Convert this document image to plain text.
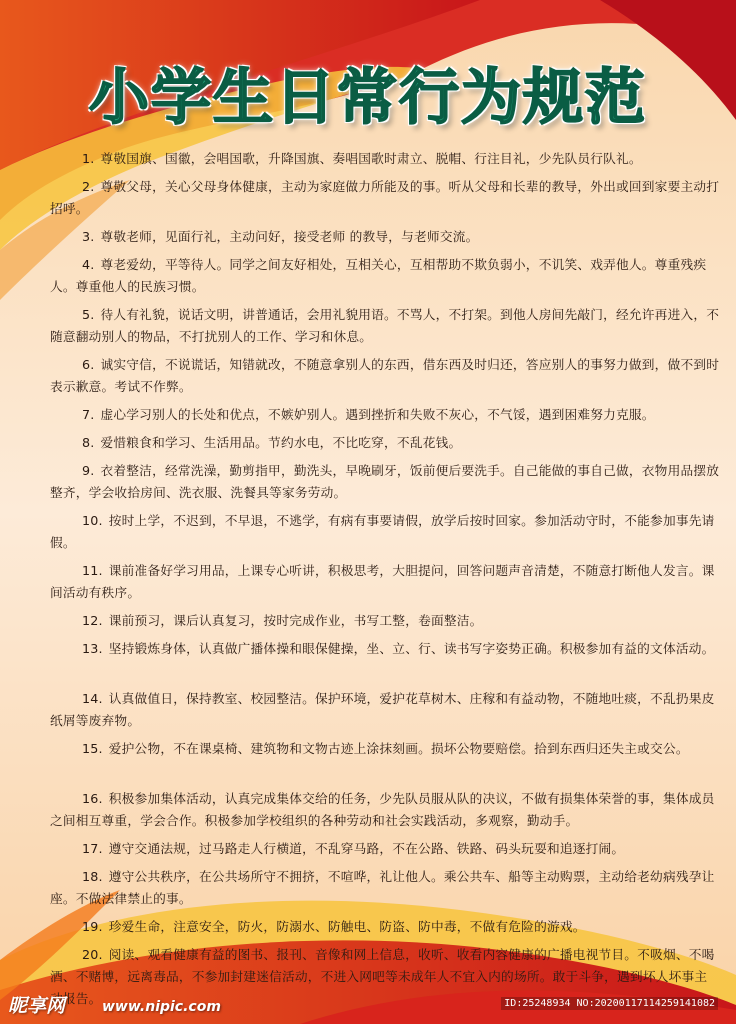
小学生日常行为规范
1. 尊敬国旗、国徽，会唱国歌，升降国旗、奏唱国歌时肃立、脱帽、行注目礼，少先队员行队礼。
2. 尊敬父母，关心父母身体健康，主动为家庭做力所能及的事。听从父母和长辈的教导，外出或回到家要主动打招呼。
3. 尊敬老师，见面行礼，主动问好，接受老师 的教导，与老师交流。
4. 尊老爱幼，平等待人。同学之间友好相处，互相关心，互相帮助不欺负弱小，不讥笑、戏弄他人。尊重残疾人。尊重他人的民族习惯。
5. 待人有礼貌，说话文明，讲普通话，会用礼貌用语。不骂人，不打架。到他人房间先敲门，经允许再进入，不随意翻动别人的物品，不打扰别人的工作、学习和休息。
6. 诚实守信，不说谎话，知错就改，不随意拿别人的东西，借东西及时归还，答应别人的事努力做到，做不到时表示歉意。考试不作弊。
7. 虚心学习别人的长处和优点，不嫉妒别人。遇到挫折和失败不灰心，不气馁，遇到困难努力克服。
8. 爱惜粮食和学习、生活用品。节约水电，不比吃穿，不乱花钱。
9. 衣着整洁，经常洗澡，勤剪指甲，勤洗头，早晚刷牙，饭前便后要洗手。自己能做的事自己做，衣物用品摆放整齐，学会收拾房间、洗衣服、洗餐具等家务劳动。
10. 按时上学，不迟到，不早退，不逃学，有病有事要请假，放学后按时回家。参加活动守时，不能参加事先请假。
11. 课前准备好学习用品，上课专心听讲，积极思考，大胆提问，回答问题声音清楚，不随意打断他人发言。课间活动有秩序。
12. 课前预习，课后认真复习，按时完成作业，书写工整，卷面整洁。
13. 坚持锻炼身体，认真做广播体操和眼保健操，坐、立、行、读书写字姿势正确。积极参加有益的文体活动。
14. 认真做值日，保持教室、校园整洁。保护环境，爱护花草树木、庄稼和有益动物，不随地吐痰，不乱扔果皮纸屑等废弃物。
15. 爱护公物，不在课桌椅、建筑物和文物古迹上涂抹刻画。损坏公物要赔偿。拾到东西归还失主或交公。
16. 积极参加集体活动，认真完成集体交给的任务，少先队员服从队的决议，不做有损集体荣誉的事，集体成员之间相互尊重，学会合作。积极参加学校组织的各种劳动和社会实践活动，多观察，勤动手。
17. 遵守交通法规，过马路走人行横道，不乱穿马路，不在公路、铁路、码头玩耍和追逐打闹。
18. 遵守公共秩序，在公共场所守不拥挤，不喧哗，礼让他人。乘公共车、船等主动购票，主动给老幼病残孕让座。不做法律禁止的事。
19. 珍爱生命，注意安全，防火，防溺水、防触电、防盗、防中毒，不做有危险的游戏。
20. 阅读、观看健康有益的图书、报刊、音像和网上信息，收听、收看内容健康的广播电视节目。不吸烟、不喝酒、不赌博，远离毒品，不参加封建迷信活动，不进入网吧等未成年人不宜入内的场所。敢于斗争，遇到坏人坏事主动报告。
昵享网	www.nipic.com	ID:25248934 NO:20200117114259141082
